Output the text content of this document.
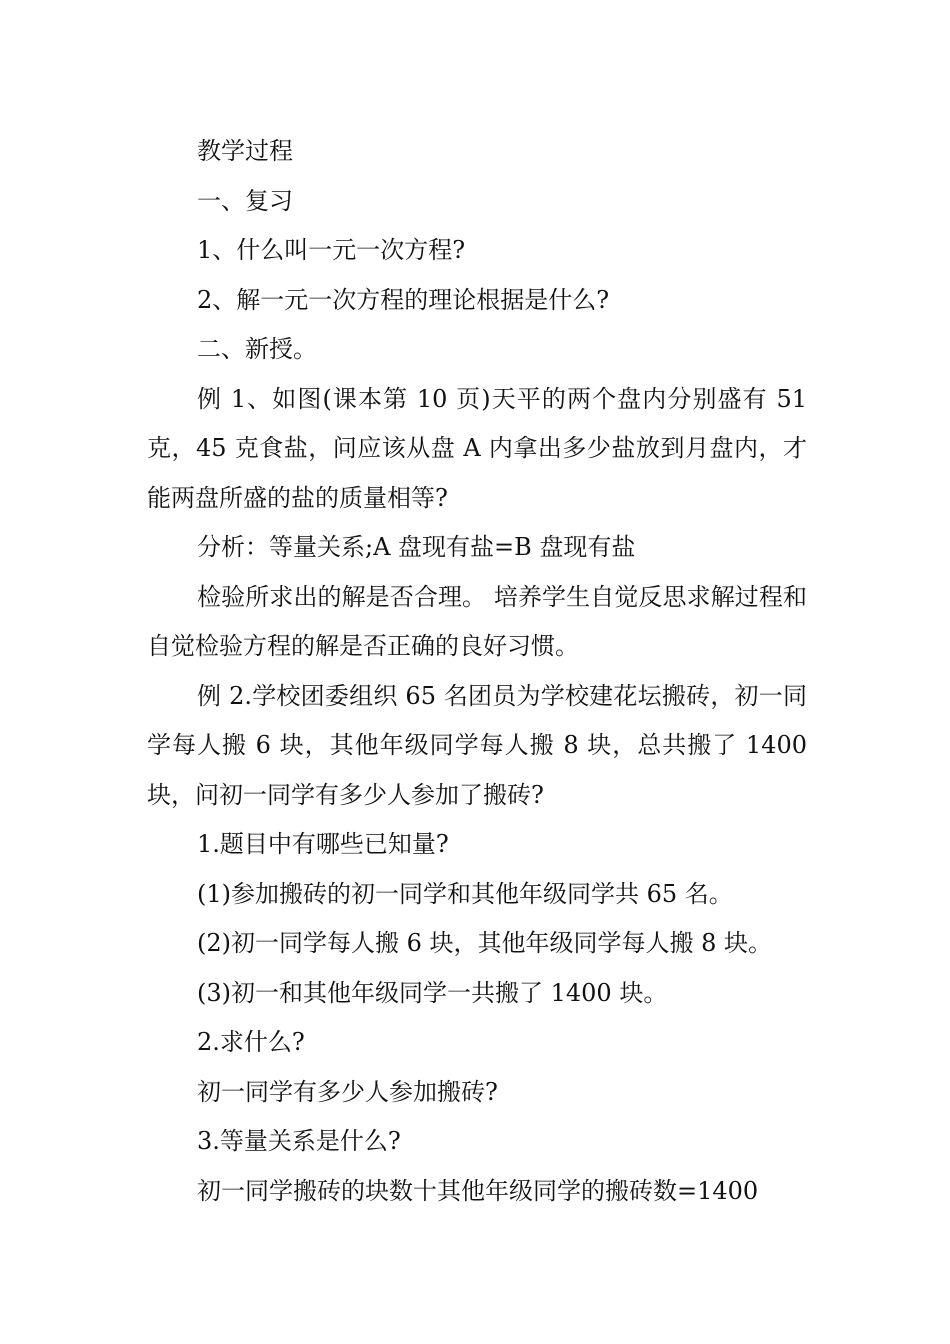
教学过程

一、复习

1、什么叫一元一次方程?

2、解一元一次方程的理论根据是什么?

二、新授。

例 1、如图(课本第 10 页)天平的两个盘内分别盛有 51 克，45 克食盐，问应该从盘 A 内拿出多少盐放到月盘内，才能两盘所盛的盐的质量相等?

分析：等量关系;A 盘现有盐=B 盘现有盐

检验所求出的解是否合理。 培养学生自觉反思求解过程和自觉检验方程的解是否正确的良好习惯。

例 2.学校团委组织 65 名团员为学校建花坛搬砖，初一同学每人搬 6 块，其他年级同学每人搬 8 块，总共搬了 1400 块，问初一同学有多少人参加了搬砖?

1.题目中有哪些已知量?

(1)参加搬砖的初一同学和其他年级同学共 65 名。

(2)初一同学每人搬 6 块，其他年级同学每人搬 8 块。

(3)初一和其他年级同学一共搬了 1400 块。

2.求什么?

初一同学有多少人参加搬砖?

3.等量关系是什么?

初一同学搬砖的块数十其他年级同学的搬砖数=1400
